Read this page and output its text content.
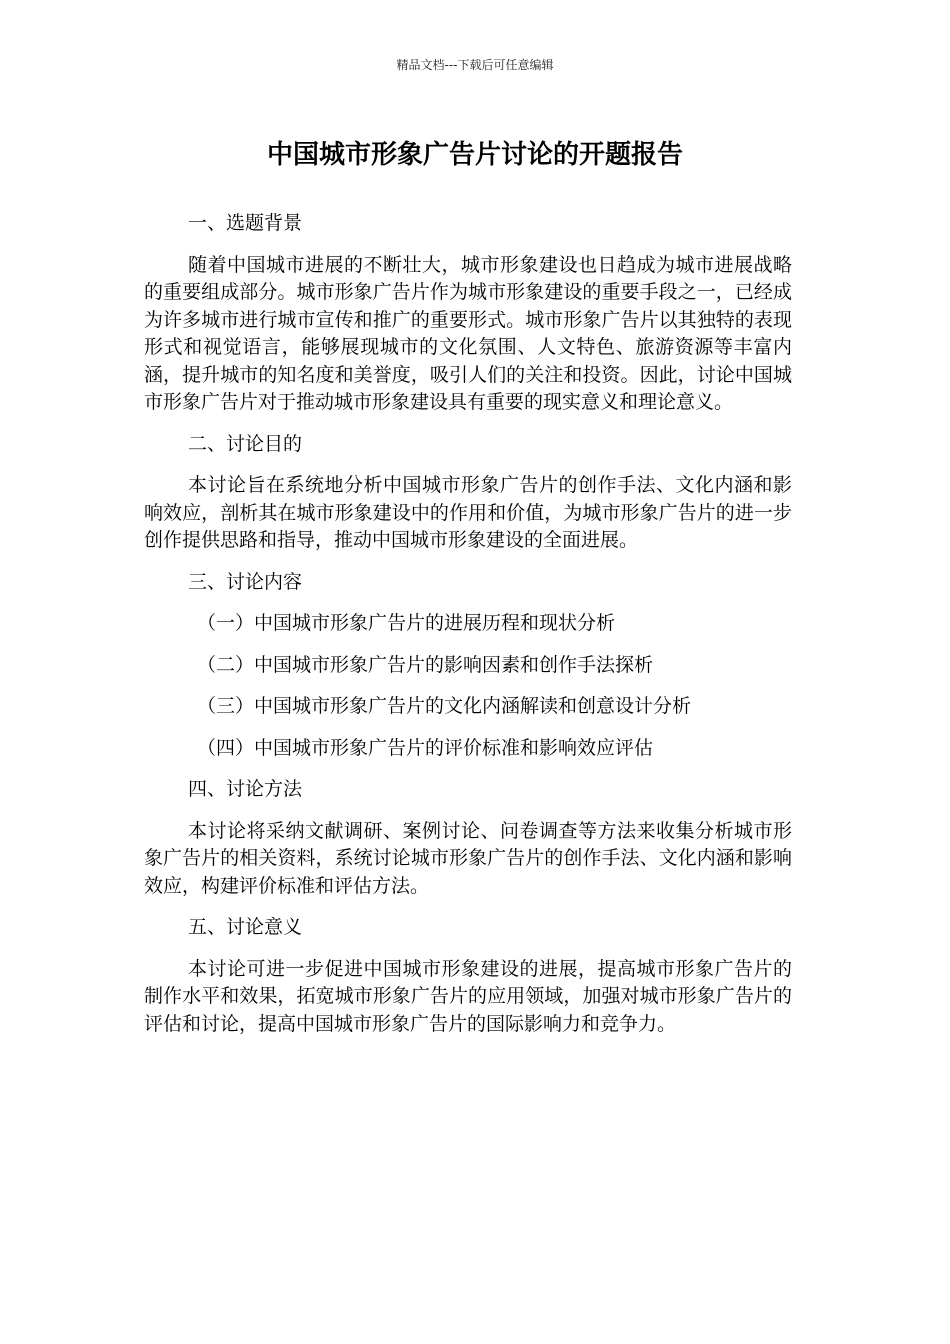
精品文档---下载后可任意编辑
中国城市形象广告片讨论的开题报告
一、选题背景

随着中国城市进展的不断壮大，城市形象建设也日趋成为城市进展战略的重要组成部分。城市形象广告片作为城市形象建设的重要手段之一，已经成为许多城市进行城市宣传和推广的重要形式。城市形象广告片以其独特的表现形式和视觉语言，能够展现城市的文化氛围、人文特色、旅游资源等丰富内涵，提升城市的知名度和美誉度，吸引人们的关注和投资。因此，讨论中国城市形象广告片对于推动城市形象建设具有重要的现实意义和理论意义。

二、讨论目的

本讨论旨在系统地分析中国城市形象广告片的创作手法、文化内涵和影响效应，剖析其在城市形象建设中的作用和价值，为城市形象广告片的进一步创作提供思路和指导，推动中国城市形象建设的全面进展。

三、讨论内容
（一）中国城市形象广告片的进展历程和现状分析
（二）中国城市形象广告片的影响因素和创作手法探析
（三）中国城市形象广告片的文化内涵解读和创意设计分析
（四）中国城市形象广告片的评价标准和影响效应评估
四、讨论方法

本讨论将采纳文献调研、案例讨论、问卷调查等方法来收集分析城市形象广告片的相关资料，系统讨论城市形象广告片的创作手法、文化内涵和影响效应，构建评价标准和评估方法。

五、讨论意义

本讨论可进一步促进中国城市形象建设的进展，提高城市形象广告片的制作水平和效果，拓宽城市形象广告片的应用领域，加强对城市形象广告片的评估和讨论，提高中国城市形象广告片的国际影响力和竞争力。
